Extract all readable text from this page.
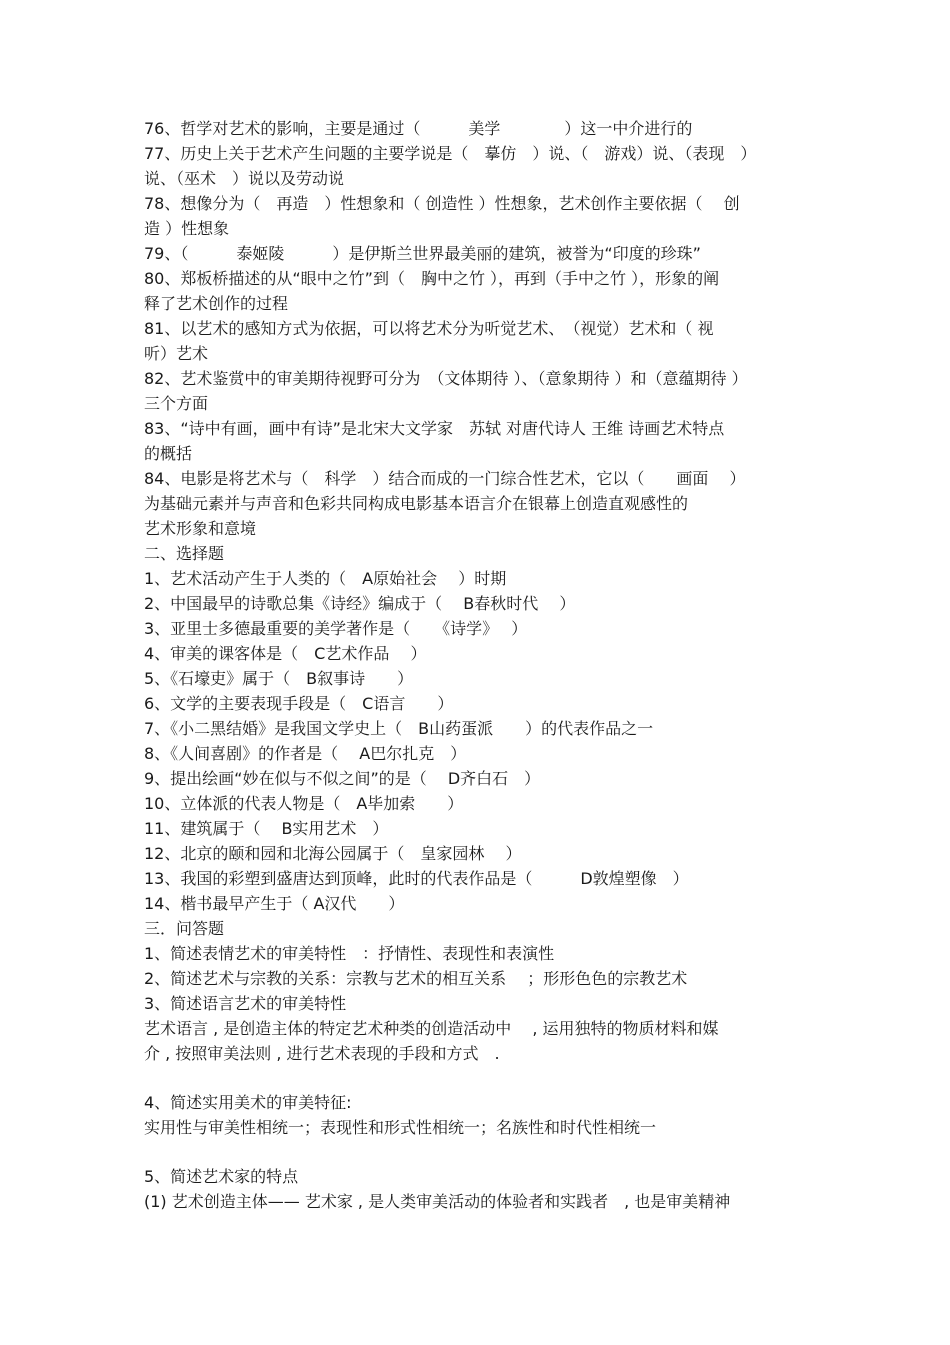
76、哲学对艺术的影响，主要是通过（　　　美学　　　　）这一中介进行的
77、历史上关于艺术产生问题的主要学说是（　摹仿　）说、（　游戏）说、（表现　）
说、（巫术　）说以及劳动说
78、想像分为（　再造　）性想象和（ 创造性 ）性想象，艺术创作主要依据（　 创
造 ）性想象
79、（　　　泰姬陵　　　）是伊斯兰世界最美丽的建筑，被誉为“印度的珍珠”
80、郑板桥描述的从“眼中之竹”到（　胸中之竹 ），再到（手中之竹 ），形象的阐
释了艺术创作的过程
81、以艺术的感知方式为依据，可以将艺术分为听觉艺术、　（视觉）艺术和（ 视
听）艺术
82、艺术鉴赏中的审美期待视野可分为　（文体期待 ）、（意象期待 ）和（意蕴期待 ）
三个方面
83、“诗中有画，画中有诗”是北宋大文学家　苏轼 对唐代诗人 王维 诗画艺术特点
的概括
84、电影是将艺术与（　科学　）结合而成的一门综合性艺术，它以（　　画面　 ）
为基础元素并与声音和色彩共同构成电影基本语言介在银幕上创造直观感性的
艺术形象和意境
二、选择题
1、艺术活动产生于人类的（　A原始社会　 ）时期
2、中国最早的诗歌总集《诗经》编成于（　 B春秋时代　 ）
3、亚里士多德最重要的美学著作是（　　《诗学》　 ）
4、审美的课客体是（　C艺术作品　 ）
5、《石壕吏》属于（　B叙事诗　　）
6、文学的主要表现手段是（　C语言　　）
7、《小二黑结婚》是我国文学史上（　B山药蛋派　　）的代表作品之一
8、《人间喜剧》的作者是（　 A巴尔扎克　）
9、提出绘画“妙在似与不似之间”的是（　 D齐白石　）
10、立体派的代表人物是（　A毕加索　　）
11、建筑属于（　 B实用艺术　）
12、北京的颐和园和北海公园属于（　皇家园林　 ）
13、我国的彩塑到盛唐达到顶峰，此时的代表作品是（　　　D敦煌塑像　）
14、楷书最早产生于（ A汉代　　）
三．问答题
1、简述表情艺术的审美特性　：抒情性、表现性和表演性
2、简述艺术与宗教的关系：宗教与艺术的相互关系　 ；形形色色的宗教艺术
3、简述语言艺术的审美特性
艺术语言 , 是创造主体的特定艺术种类的创造活动中　 , 运用独特的物质材料和媒
介 , 按照审美法则 , 进行艺术表现的手段和方式　.
4、简述实用美术的审美特征:
实用性与审美性相统一；表现性和形式性相统一；名族性和时代性相统一
5、简述艺术家的特点
(1) 艺术创造主体—— 艺术家 , 是人类审美活动的体验者和实践者　, 也是审美精神
